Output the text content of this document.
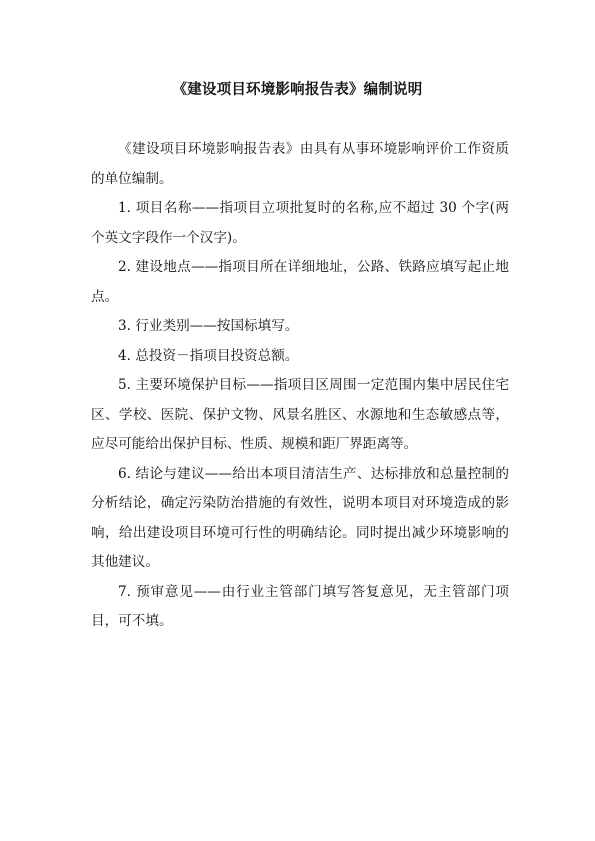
《建设项目环境影响报告表》编制说明

《建设项目环境影响报告表》由具有从事环境影响评价工作资质的单位编制。

1. 项目名称——指项目立项批复时的名称,应不超过 30 个字(两个英文字段作一个汉字)。

2. 建设地点——指项目所在详细地址，公路、铁路应填写起止地点。

3. 行业类别——按国标填写。

4. 总投资－指项目投资总额。

5. 主要环境保护目标——指项目区周围一定范围内集中居民住宅区、学校、医院、保护文物、风景名胜区、水源地和生态敏感点等，应尽可能给出保护目标、性质、规模和距厂界距离等。

6. 结论与建议——给出本项目清洁生产、达标排放和总量控制的分析结论，确定污染防治措施的有效性，说明本项目对环境造成的影响，给出建设项目环境可行性的明确结论。同时提出减少环境影响的其他建议。

7. 预审意见——由行业主管部门填写答复意见，无主管部门项目，可不填。
